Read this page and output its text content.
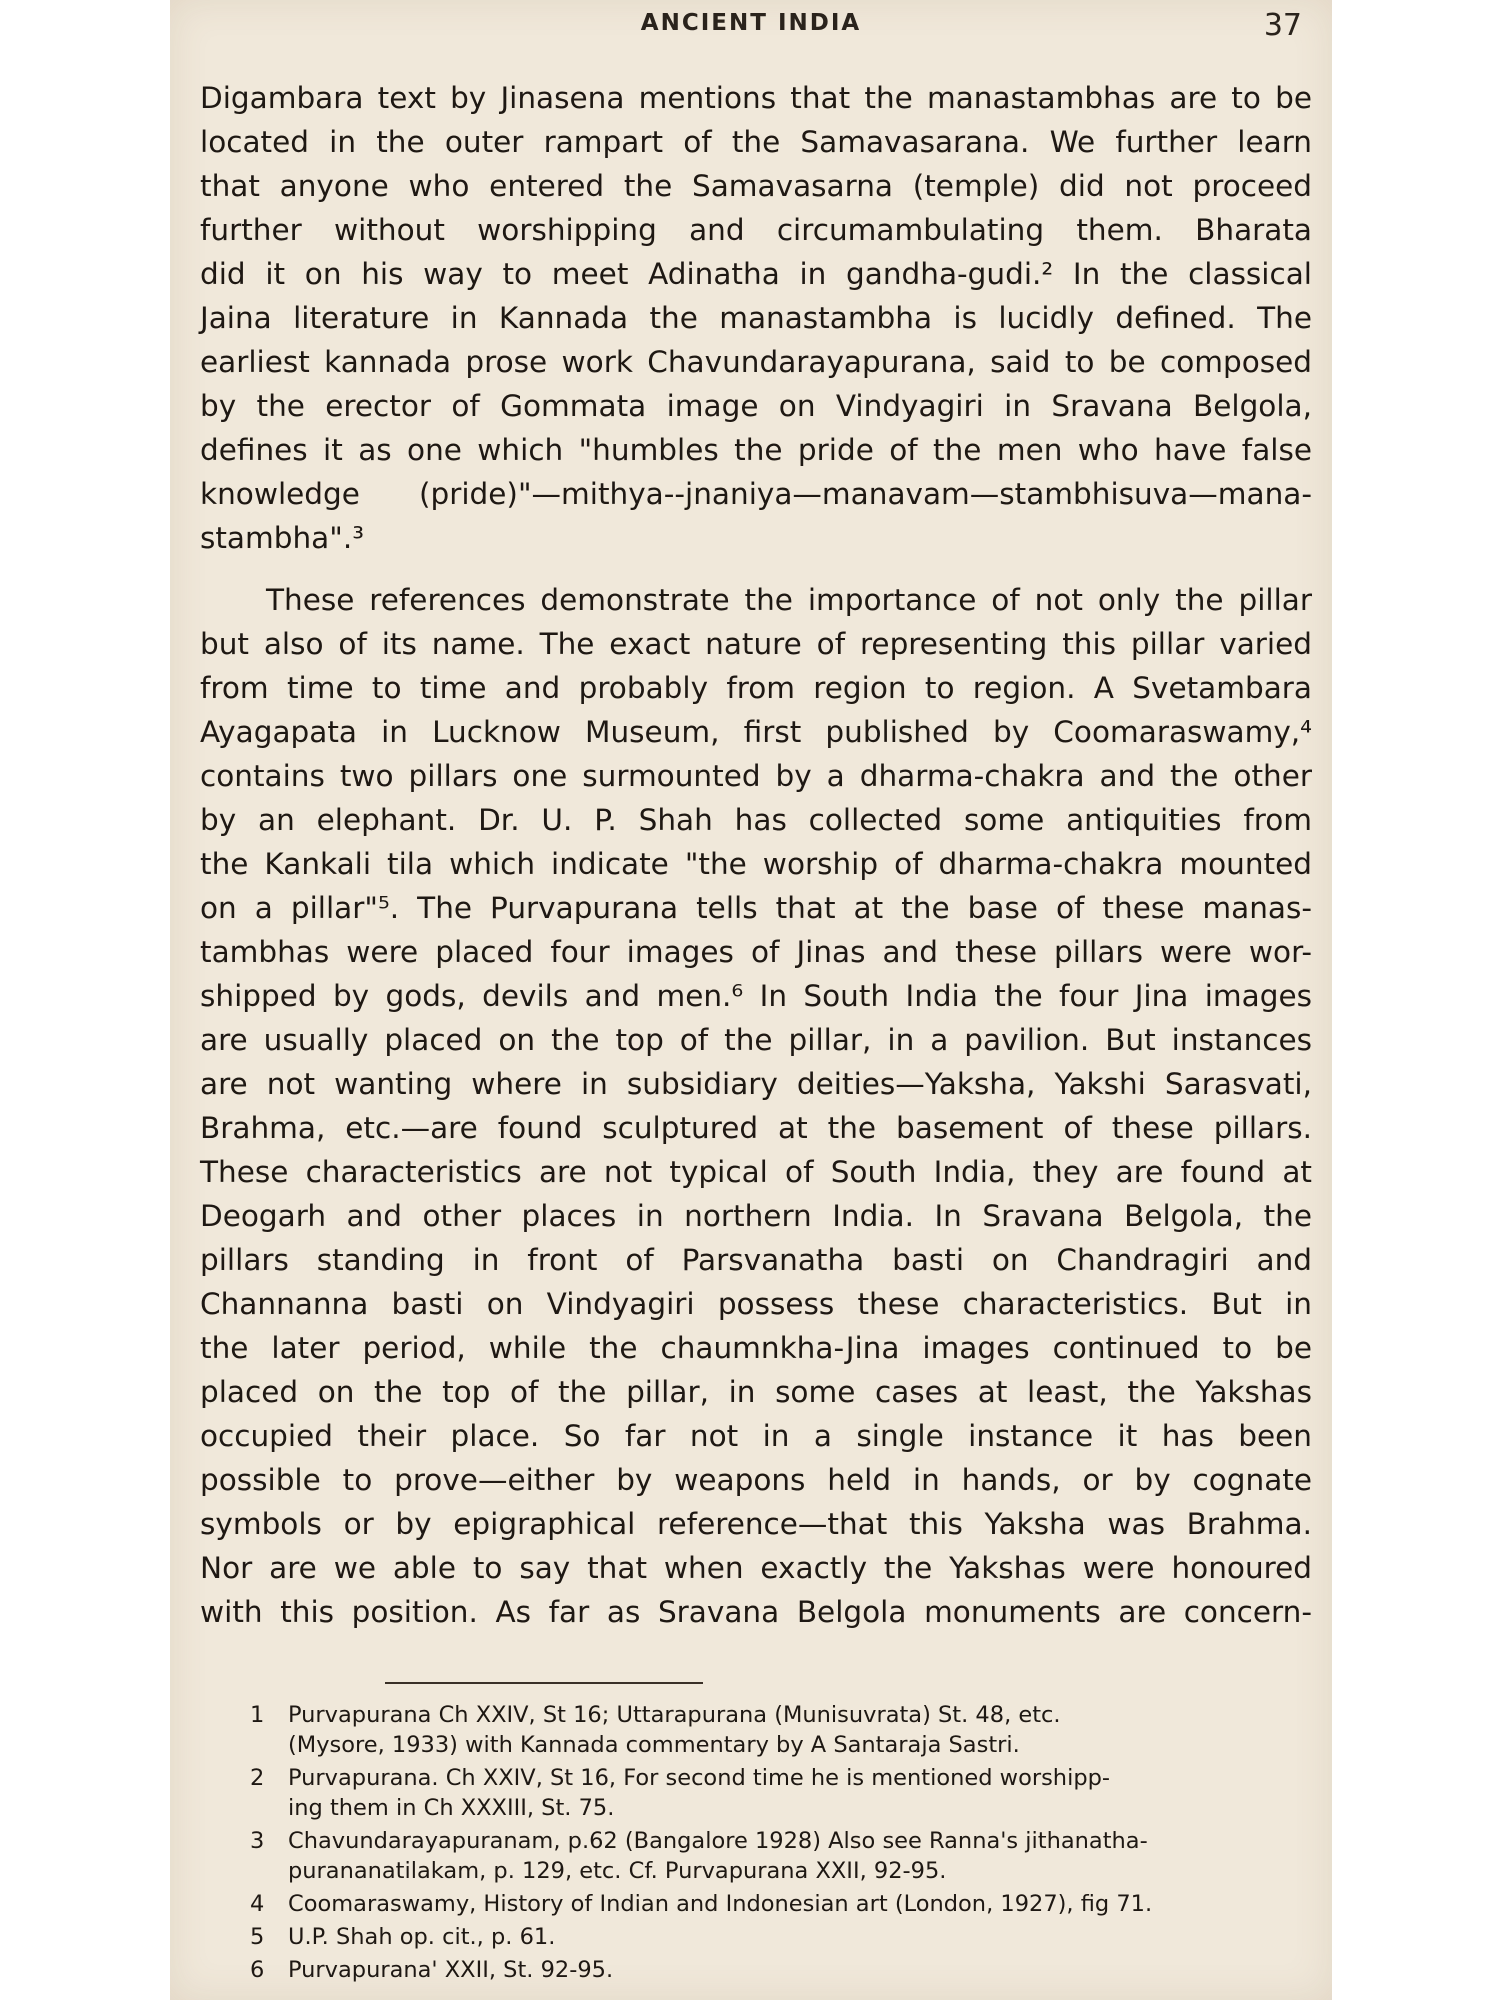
ANCIENT INDIA	37
Digambara text by Jinasena mentions that the manastambhas are to be
located in the outer rampart of the Samavasarana. We further learn
that anyone who entered the Samavasarna (temple) did not proceed
further without worshipping and circumambulating them. Bharata
did it on his way to meet Adinatha in gandha-gudi.² In the classical
Jaina literature in Kannada the manastambha is lucidly defined. The
earliest kannada prose work Chavundarayapurana, said to be composed
by the erector of Gommata image on Vindyagiri in Sravana Belgola,
defines it as one which "humbles the pride of the men who have false
knowledge (pride)"—mithya--jnaniya—manavam—stambhisuva—mana-
stambha".³
These references demonstrate the importance of not only the pillar
but also of its name. The exact nature of representing this pillar varied
from time to time and probably from region to region. A Svetambara
Ayagapata in Lucknow Museum, first published by Coomaraswamy,⁴
contains two pillars one surmounted by a dharma-chakra and the other
by an elephant. Dr. U. P. Shah has collected some antiquities from
the Kankali tila which indicate "the worship of dharma-chakra mounted
on a pillar"⁵. The Purvapurana tells that at the base of these manas-
tambhas were placed four images of Jinas and these pillars were wor-
shipped by gods, devils and men.⁶ In South India the four Jina images
are usually placed on the top of the pillar, in a pavilion. But instances
are not wanting where in subsidiary deities—Yaksha, Yakshi Sarasvati,
Brahma, etc.—are found sculptured at the basement of these pillars.
These characteristics are not typical of South India, they are found at
Deogarh and other places in northern India. In Sravana Belgola, the
pillars standing in front of Parsvanatha basti on Chandragiri and
Channanna basti on Vindyagiri possess these characteristics. But in
the later period, while the chaumnkha-Jina images continued to be
placed on the top of the pillar, in some cases at least, the Yakshas
occupied their place. So far not in a single instance it has been
possible to prove—either by weapons held in hands, or by cognate
symbols or by epigraphical reference—that this Yaksha was Brahma.
Nor are we able to say that when exactly the Yakshas were honoured
with this position. As far as Sravana Belgola monuments are concern-
1	Purvapurana Ch XXIV, St 16; Uttarapurana (Munisuvrata) St. 48, etc.
(Mysore, 1933) with Kannada commentary by A Santaraja Sastri.
2	Purvapurana. Ch XXIV, St 16, For second time he is mentioned worshipp-
ing them in Ch XXXIII, St. 75.
3	Chavundarayapuranam, p.62 (Bangalore 1928) Also see Ranna's jithanatha-
purananatilakam, p. 129, etc. Cf. Purvapurana XXII, 92-95.
4	Coomaraswamy, History of Indian and Indonesian art (London, 1927), fig 71.
5	U.P. Shah op. cit., p. 61.
6	Purvapurana' XXII, St. 92-95.
